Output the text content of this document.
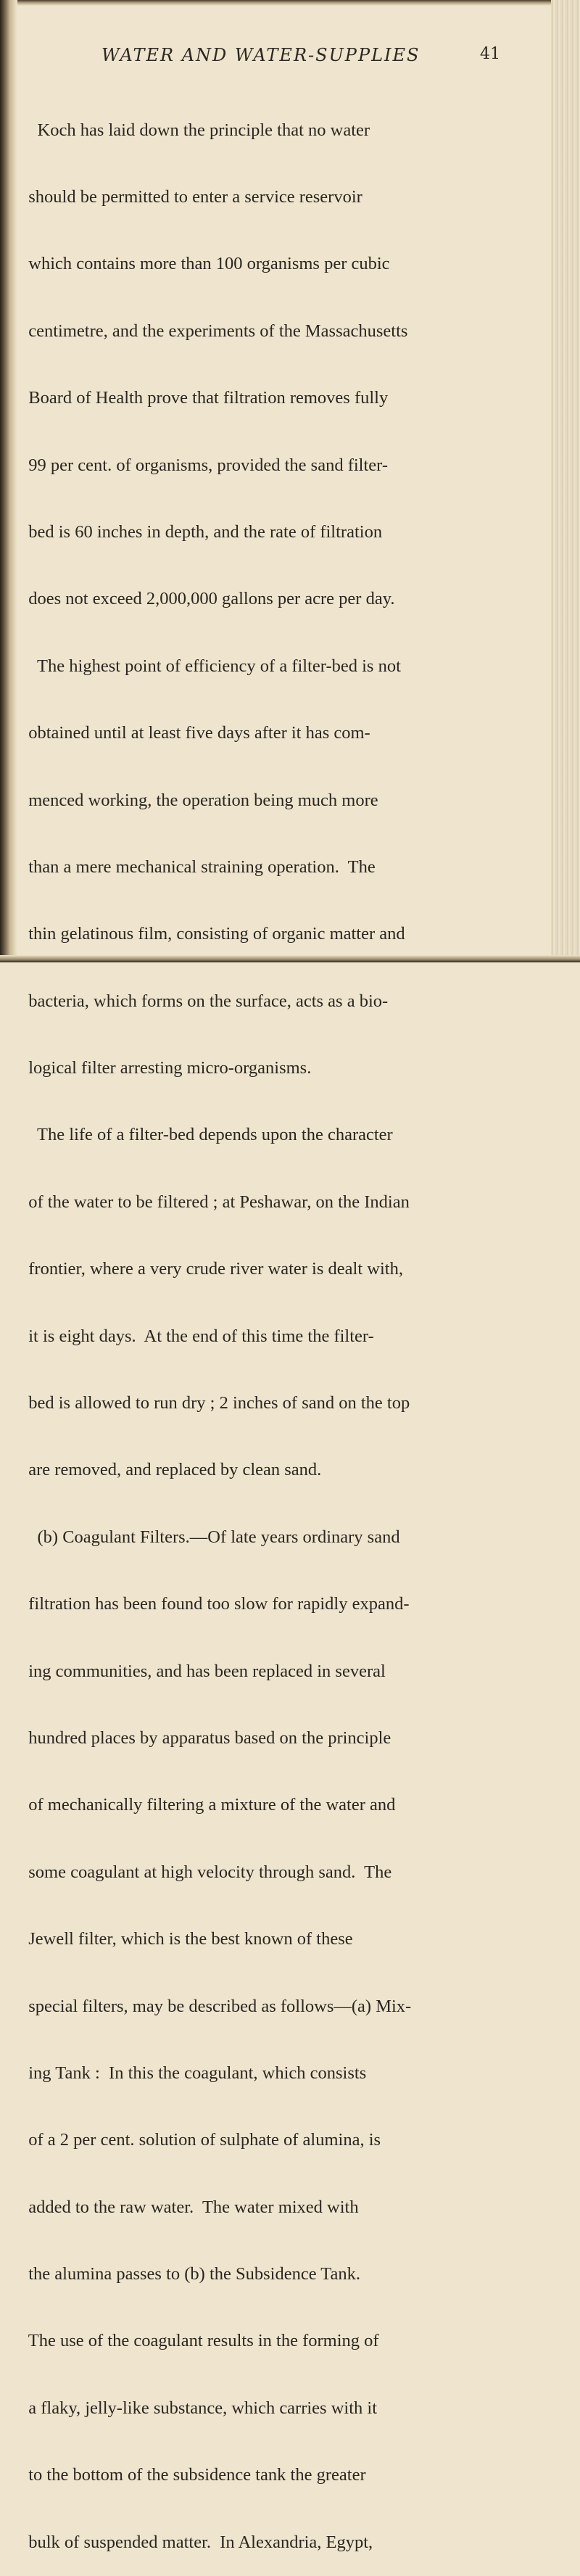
WATER AND WATER-SUPPLIES	41

Koch has laid down the principle that no water

should be permitted to enter a service reservoir

which contains more than 100 organisms per cubic

centimetre, and the experiments of the Massachusetts

Board of Health prove that filtration removes fully

99 per cent. of organisms, provided the sand filter-

bed is 60 inches in depth, and the rate of filtration

does not exceed 2,000,000 gallons per acre per day.

The highest point of efficiency of a filter-bed is not

obtained until at least five days after it has com-

menced working, the operation being much more

than a mere mechanical straining operation.  The

thin gelatinous film, consisting of organic matter and

bacteria, which forms on the surface, acts as a bio-

logical filter arresting micro-organisms.

The life of a filter-bed depends upon the character

of the water to be filtered ; at Peshawar, on the Indian

frontier, where a very crude river water is dealt with,

it is eight days.  At the end of this time the filter-

bed is allowed to run dry ; 2 inches of sand on the top

are removed, and replaced by clean sand.

(b) Coagulant Filters.—Of late years ordinary sand

filtration has been found too slow for rapidly expand-

ing communities, and has been replaced in several

hundred places by apparatus based on the principle

of mechanically filtering a mixture of the water and

some coagulant at high velocity through sand.  The

Jewell filter, which is the best known of these

special filters, may be described as follows—(a) Mix-

ing Tank :  In this the coagulant, which consists

of a 2 per cent. solution of sulphate of alumina, is

added to the raw water.  The water mixed with

the alumina passes to (b) the Subsidence Tank.

The use of the coagulant results in the forming of

a flaky, jelly-like substance, which carries with it

to the bottom of the subsidence tank the greater

bulk of suspended matter.  In Alexandria, Egypt,
